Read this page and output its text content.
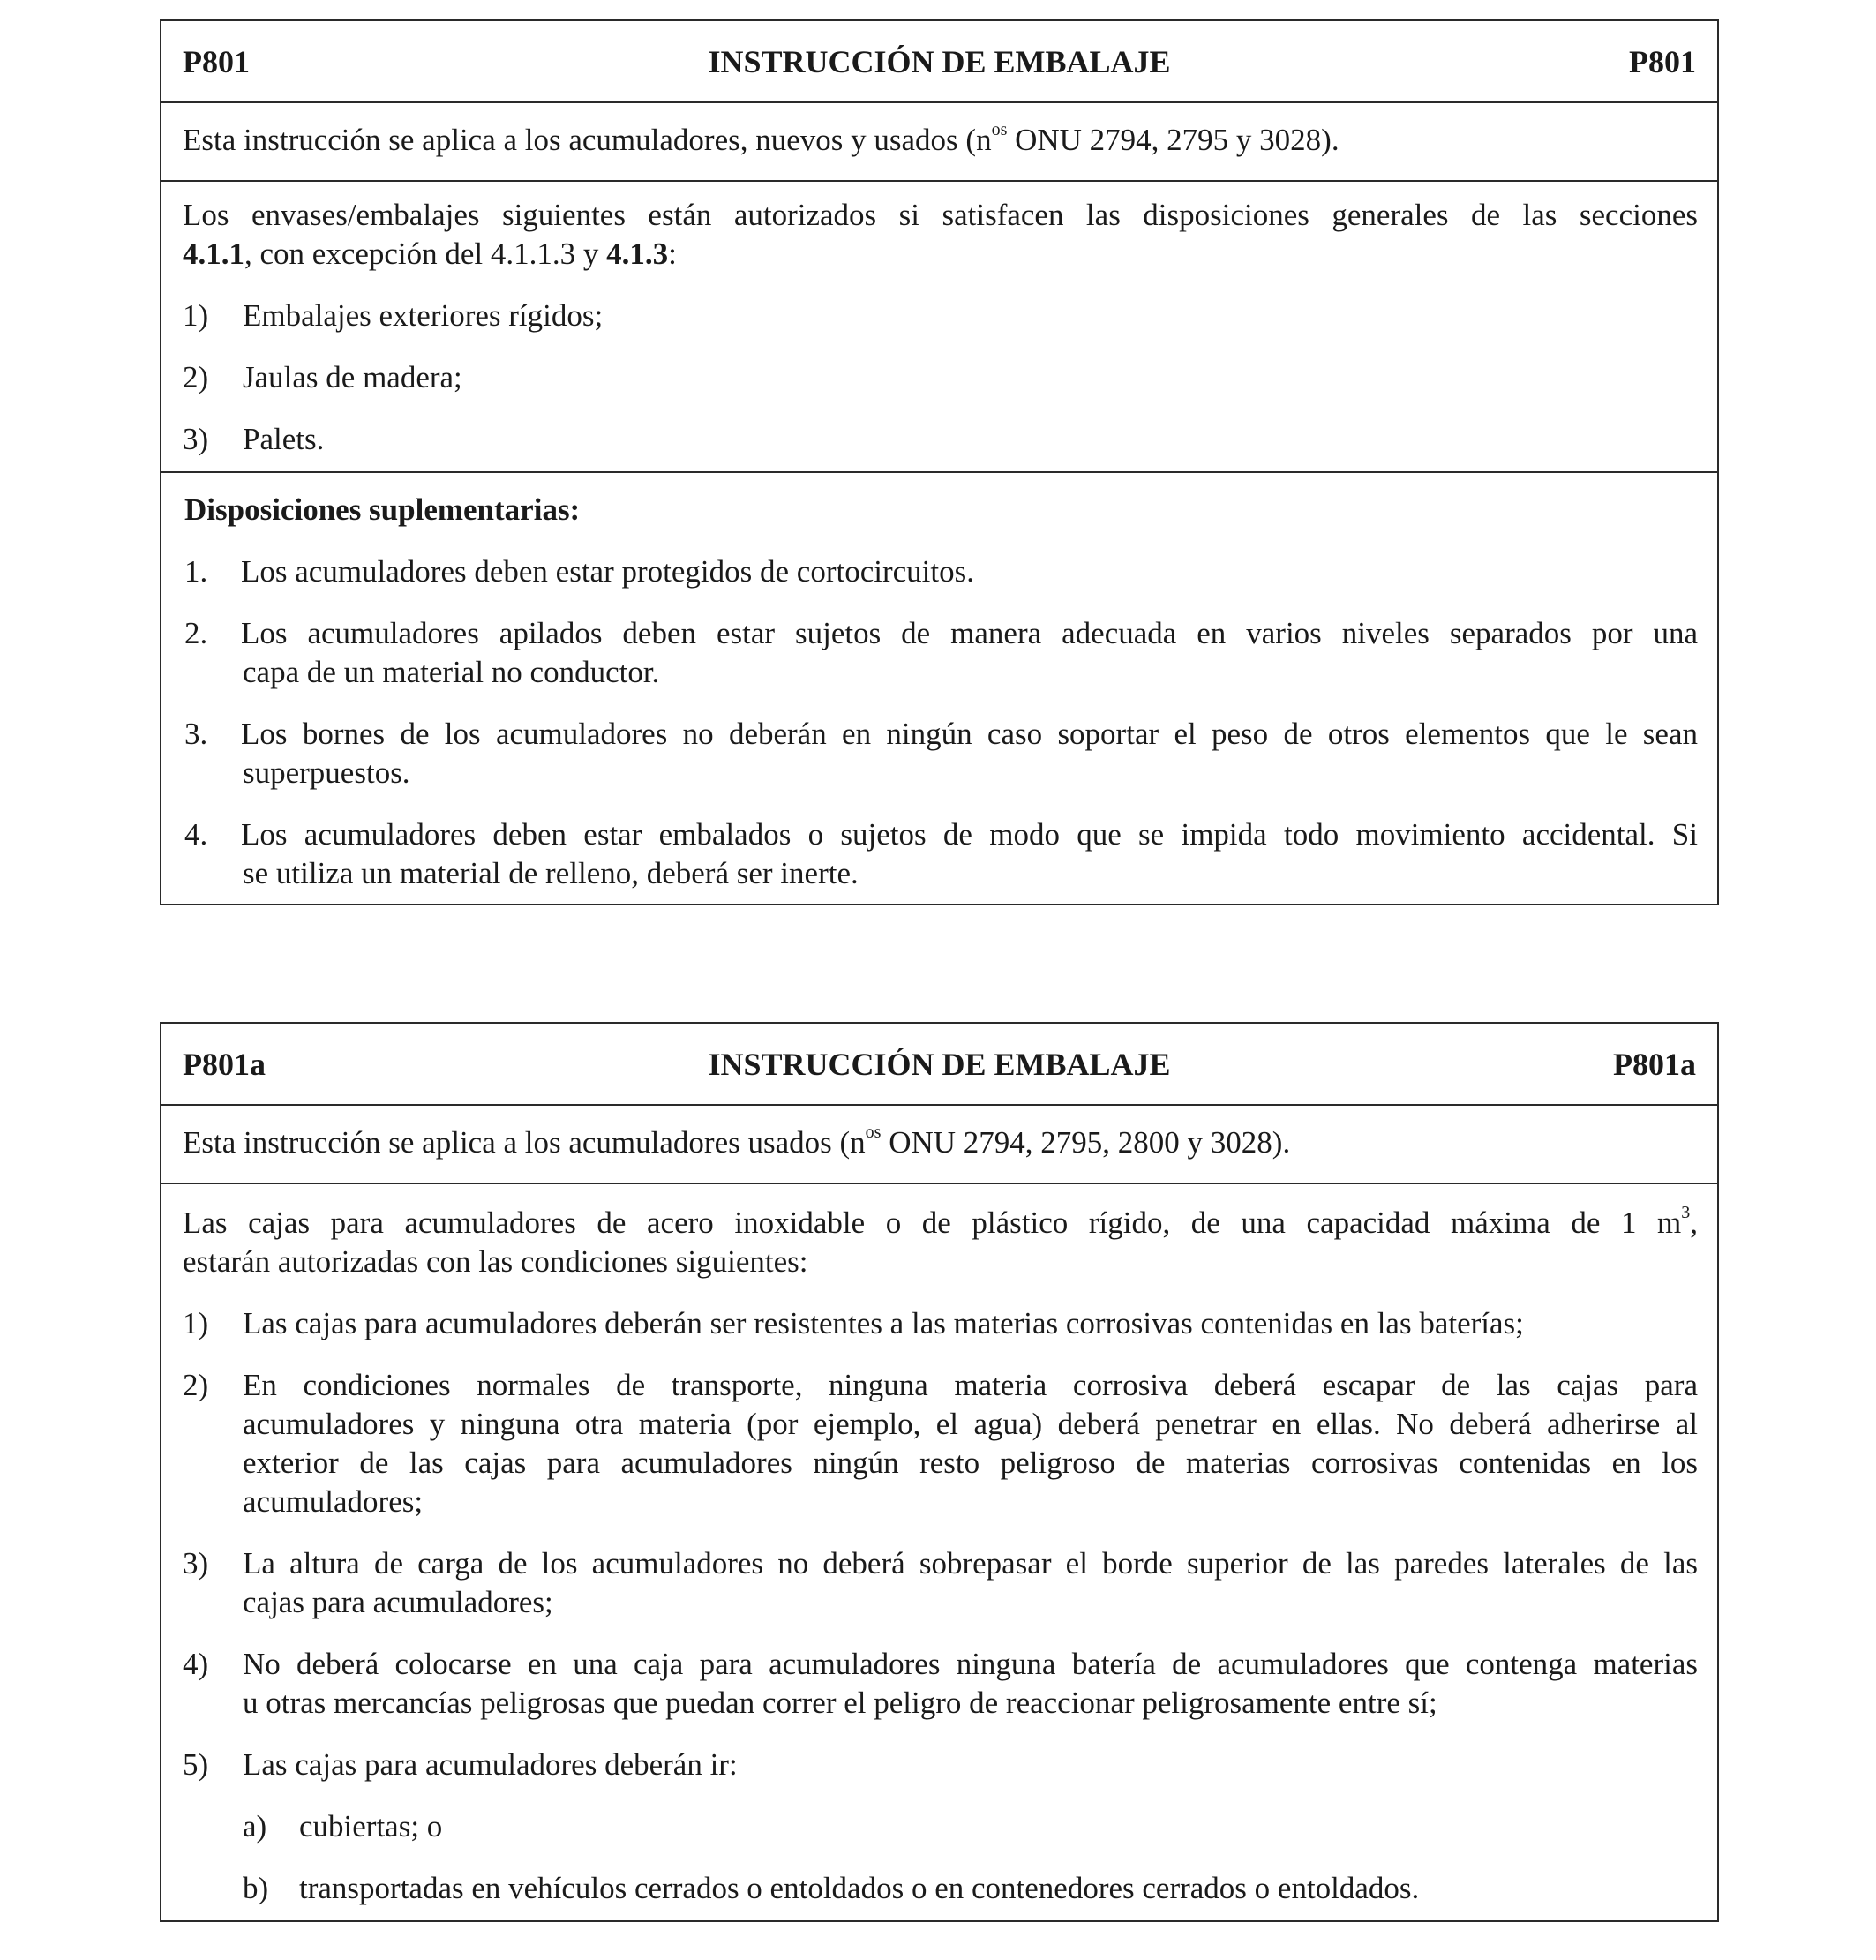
P801	INSTRUCCIÓN DE EMBALAJE	P801
Esta instrucción se aplica a los acumuladores, nuevos y usados ($n^{os}$ ONU 2794, 2795 y 3028).
Los envases/embalajes siguientes están autorizados si satisfacen las disposiciones generales de las secciones
4.1.1, con excepción del 4.1.1.3 y 4.1.3:
1) Embalajes exteriores rígidos;
2) Jaulas de madera;
3) Palets.
Disposiciones suplementarias:
1. Los acumuladores deben estar protegidos de cortocircuitos.
2. Los acumuladores apilados deben estar sujetos de manera adecuada en varios niveles separados por una
capa de un material no conductor.
3. Los bornes de los acumuladores no deberán en ningún caso soportar el peso de otros elementos que le sean
superpuestos.
4. Los acumuladores deben estar embalados o sujetos de modo que se impida todo movimiento accidental. Si
se utiliza un material de relleno, deberá ser inerte.
P801a	INSTRUCCIÓN DE EMBALAJE	P801a
Esta instrucción se aplica a los acumuladores usados ($n^{os}$ ONU 2794, 2795, 2800 y 3028).
Las cajas para acumuladores de acero inoxidable o de plástico rígido, de una capacidad máxima de 1 $m^3$,
estarán autorizadas con las condiciones siguientes:
1) Las cajas para acumuladores deberán ser resistentes a las materias corrosivas contenidas en las baterías;
2) En condiciones normales de transporte, ninguna materia corrosiva deberá escapar de las cajas para
acumuladores y ninguna otra materia (por ejemplo, el agua) deberá penetrar en ellas. No deberá adherirse al
exterior de las cajas para acumuladores ningún resto peligroso de materias corrosivas contenidas en los
acumuladores;
3) La altura de carga de los acumuladores no deberá sobrepasar el borde superior de las paredes laterales de las
cajas para acumuladores;
4) No deberá colocarse en una caja para acumuladores ninguna batería de acumuladores que contenga materias
u otras mercancías peligrosas que puedan correr el peligro de reaccionar peligrosamente entre sí;
5) Las cajas para acumuladores deberán ir:
a) cubiertas; o
b) transportadas en vehículos cerrados o entoldados o en contenedores cerrados o entoldados.
